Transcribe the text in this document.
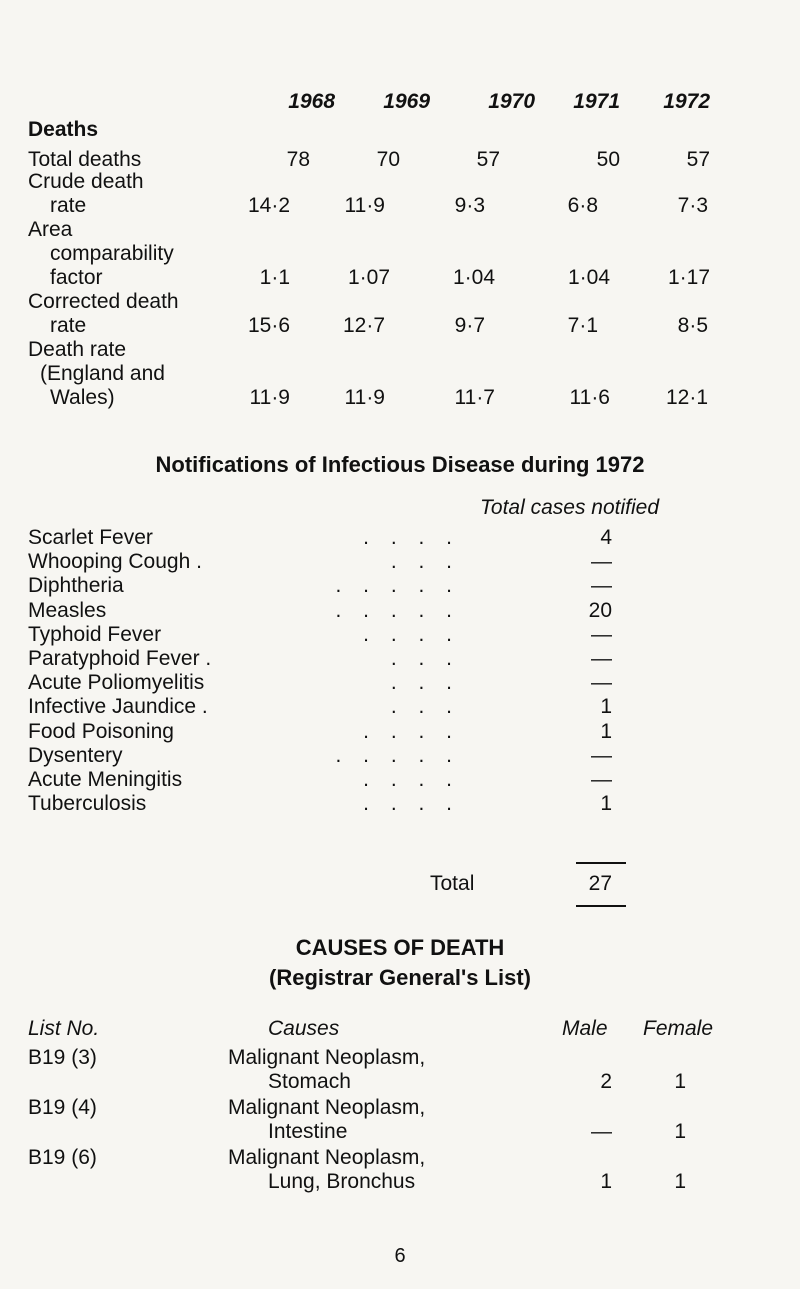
1968	1969	1970	1971	1972
Deaths
Total deaths	78	70	57	50	57
Crude death
rate	14·2	11·9	9·3	6·8	7·3
Area
comparability
factor	1·1	1·07	1·04	1·04	1·17
Corrected death
rate	15·6	12·7	9·7	7·1	8·5
Death rate
(England and
Wales)	11·9	11·9	11·7	11·6	12·1
Notifications of Infectious Disease during 1972
Total cases notified
Scarlet Fever	. . . .	4
Whooping Cough .	. . .	—
Diphtheria	. . . . .	—
Measles	. . . . .	20
Typhoid Fever	. . . .	—
Paratyphoid Fever .	. . .	—
Acute Poliomyelitis	. . .	—
Infective Jaundice .	. . .	1
Food Poisoning	. . . .	1
Dysentery	. . . . .	—
Acute Meningitis	. . . .	—
Tuberculosis	. . . .	1
Total	27
CAUSES OF DEATH
(Registrar General's List)
List No.	Causes	Male Female
B19 (3)	Malignant Neoplasm,
Stomach	2	1
B19 (4)	Malignant Neoplasm,
Intestine	—	1
B19 (6)	Malignant Neoplasm,
Lung, Bronchus	1	1
6
